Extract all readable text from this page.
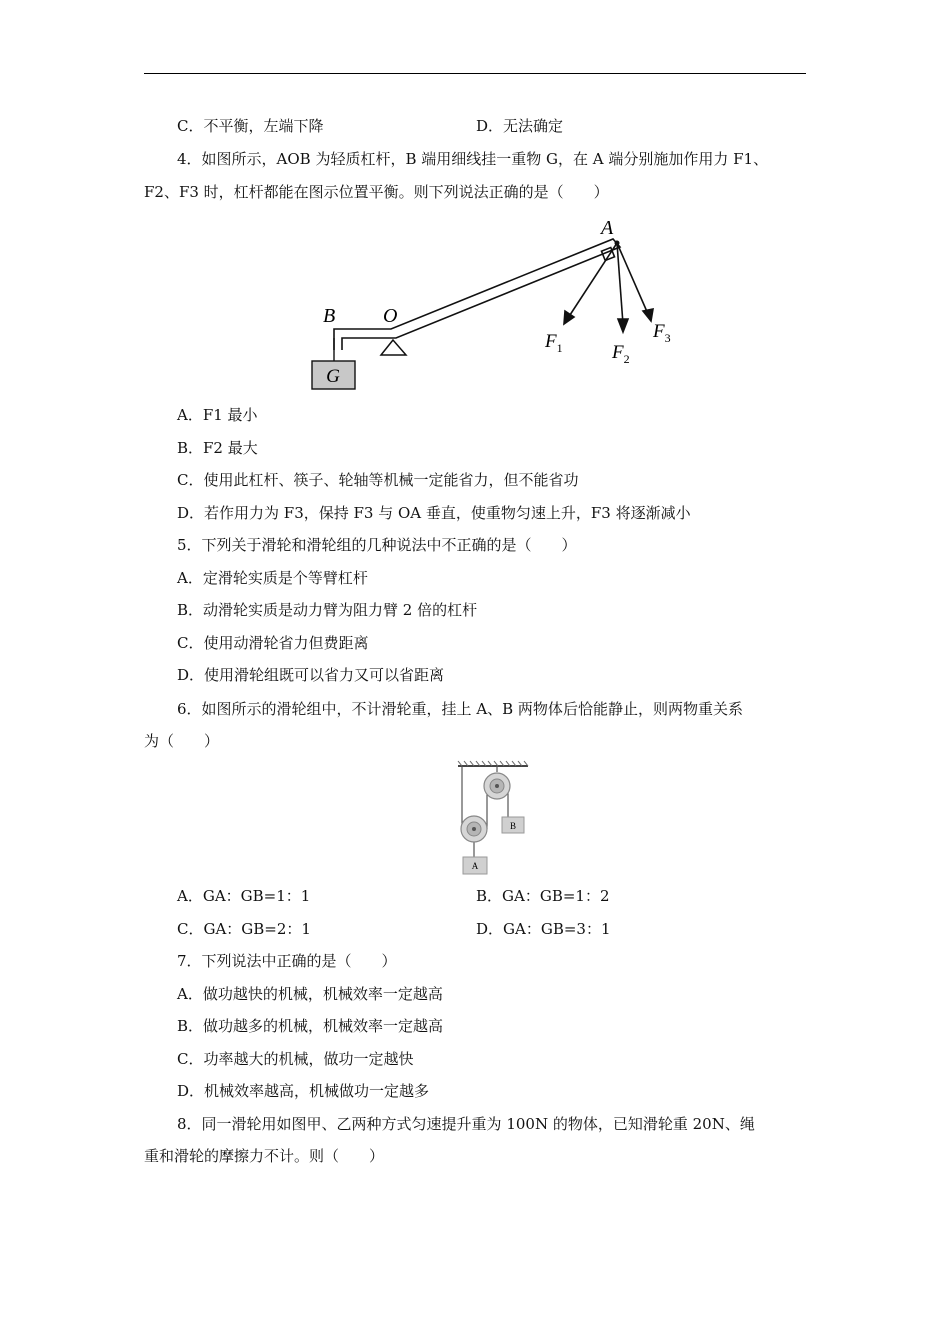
C．不平衡，左端下降	D．无法确定
4．如图所示，AOB 为轻质杠杆，B 端用细线挂一重物 G，在 A 端分别施加作用力 F1、
F2、F3 时，杠杆都能在图示位置平衡。则下列说法正确的是（　　）
G
A
B O
$F_1$	$F_2$
$F_3$
A．F1 最小
B．F2 最大
C．使用此杠杆、筷子、轮轴等机械一定能省力，但不能省功
D．若作用力为 F3，保持 F3 与 OA 垂直，使重物匀速上升，F3 将逐渐减小
5．下列关于滑轮和滑轮组的几种说法中不正确的是（　　）
A．定滑轮实质是个等臂杠杆
B．动滑轮实质是动力臂为阻力臂 2 倍的杠杆
C．使用动滑轮省力但费距离
D．使用滑轮组既可以省力又可以省距离
6．如图所示的滑轮组中，不计滑轮重，挂上 A、B 两物体后恰能静止，则两物重关系
为（　　）
B
A
A．GA：GB=1：1	B．GA：GB=1：2
C．GA：GB=2：1	D．GA：GB=3：1
7．下列说法中正确的是（　　）
A．做功越快的机械，机械效率一定越高
B．做功越多的机械，机械效率一定越高
C．功率越大的机械，做功一定越快
D．机械效率越高，机械做功一定越多
8．同一滑轮用如图甲、乙两种方式匀速提升重为 100N 的物体，已知滑轮重 20N、绳
重和滑轮的摩擦力不计。则（　　）
